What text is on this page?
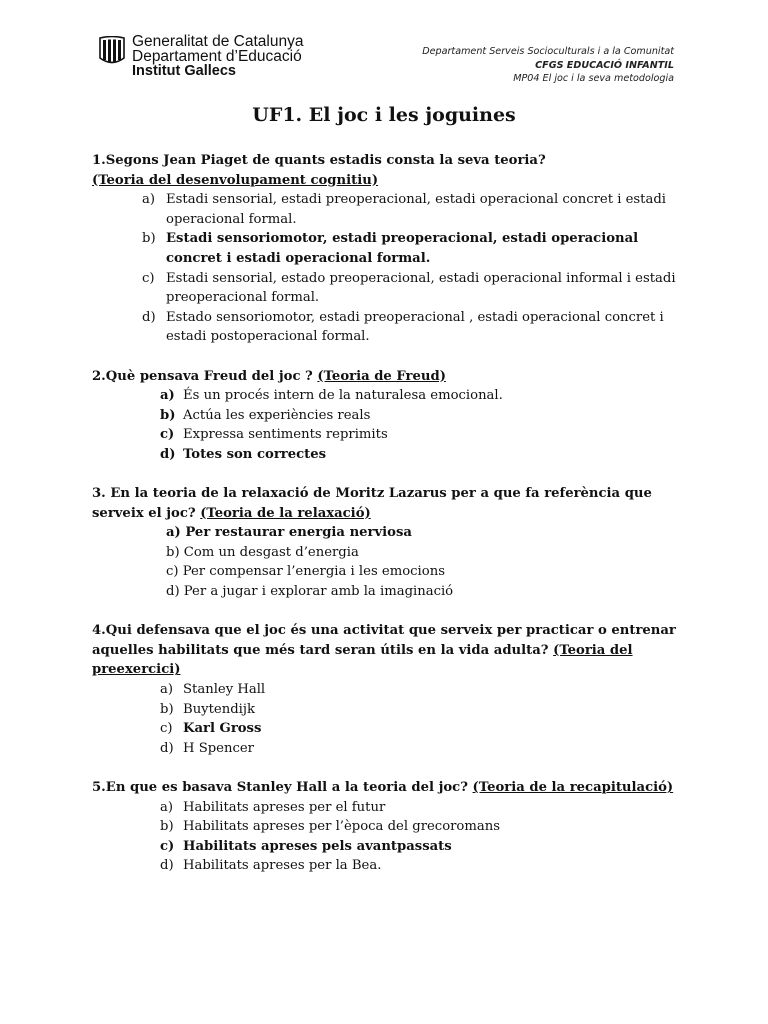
Generalitat de Catalunya
Departament d’Educació
Institut Gallecs
Departament Serveis Socioculturals i a la Comunitat
CFGS EDUCACIÓ INFANTIL
MP04 El joc i la seva metodologia
UF1. El joc i les joguines

1.Segons Jean Piaget de quants estadis consta la seva teoria?
(Teoria del desenvolupament cognitiu)

a) Estadi sensorial, estadi preoperacional, estadi operacional concret i estadi operacional formal.
b) Estadi sensoriomotor, estadi preoperacional, estadi operacional concret i estadi operacional formal.
c) Estadi sensorial, estado preoperacional, estadi operacional informal i estadi preoperacional formal.
d) Estado sensoriomotor, estadi preoperacional , estadi operacional concret i estadi postoperacional formal.

2.Què pensava Freud del joc ? (Teoria de Freud)

a) És un procés intern de la naturalesa emocional.
b) Actúa les experiències reals
c) Expressa sentiments reprimits
d) Totes son correctes

3. En la teoria de la relaxació de Moritz Lazarus per a que fa referència que serveix el joc? (Teoria de la relaxació)

a) Per restaurar energia nerviosa
b) Com un desgast d’energia
c) Per compensar l’energia i les emocions
d) Per a jugar i explorar amb la imaginació

4.Qui defensava que el joc és una activitat que serveix per practicar o entrenar aquelles habilitats que més tard seran útils en la vida adulta? (Teoria del preexercici)

a) Stanley Hall
b) Buytendijk
c) Karl Gross
d) H Spencer

5.En que es basava Stanley Hall a la teoria del joc? (Teoria de la recapitulació)

a) Habilitats apreses per el futur
b) Habilitats apreses per l’època del grecoromans
c) Habilitats apreses pels avantpassats
d) Habilitats apreses per la Bea.
